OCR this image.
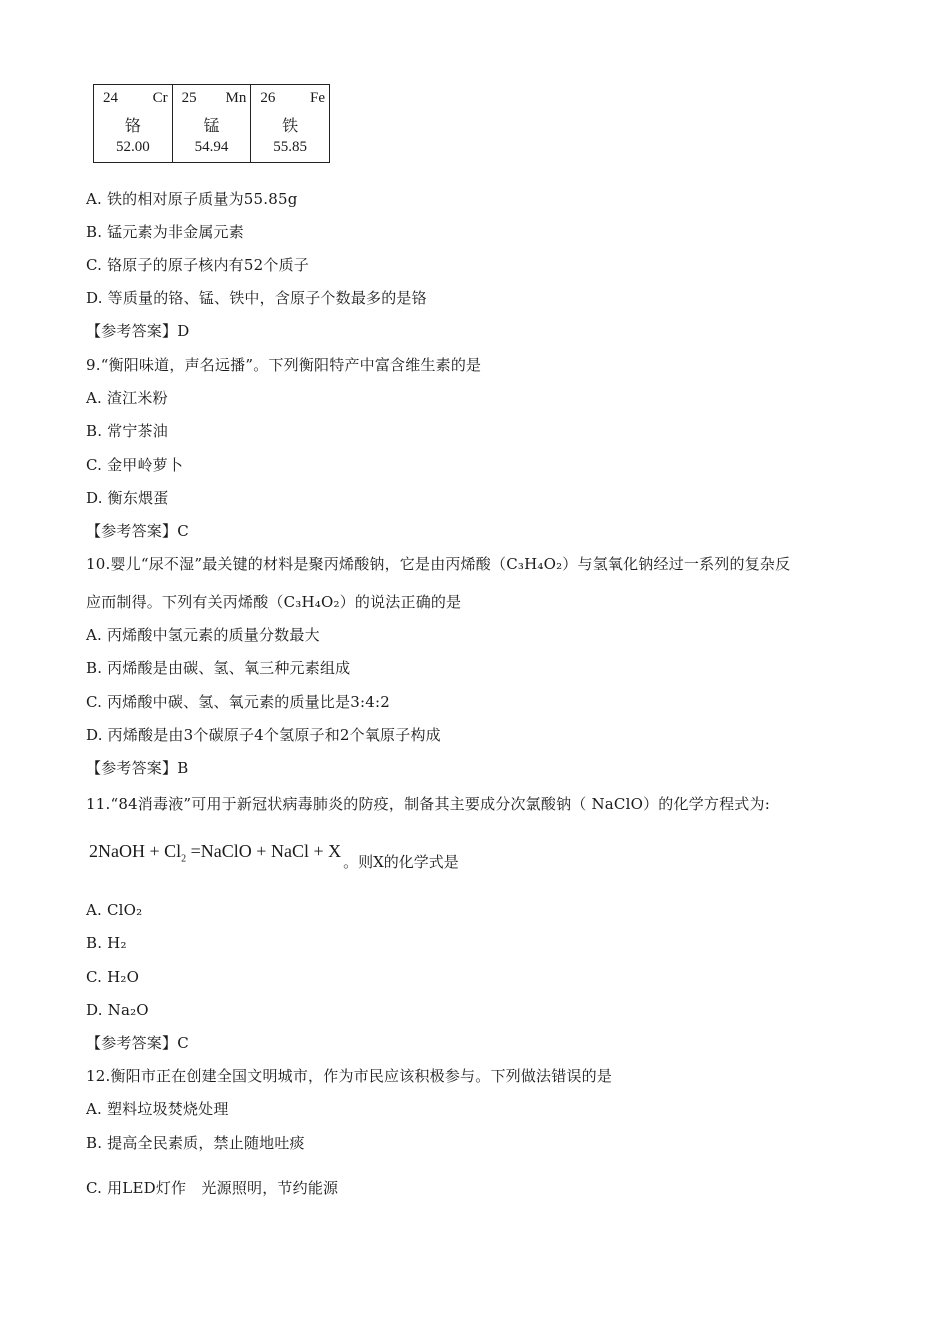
24 Cr
铬
52.00
25 Mn
锰
54.94
26 Fe
铁
55.85
A. 铁的相对原子质量为55.85g
B. 锰元素为非金属元素
C. 铬原子的原子核内有52个质子
D. 等质量的铬、锰、铁中，含原子个数最多的是铬
【参考答案】D
9.“衡阳味道，声名远播”。下列衡阳特产中富含维生素的是
A. 渣江米粉
B. 常宁茶油
C. 金甲岭萝卜
D. 衡东煨蛋
【参考答案】C
10.婴儿“尿不湿”最关键的材料是聚丙烯酸钠，它是由丙烯酸（C₃H₄O₂）与氢氧化钠经过一系列的复杂反
应而制得。下列有关丙烯酸（C₃H₄O₂）的说法正确的是
A. 丙烯酸中氢元素的质量分数最大
B. 丙烯酸是由碳、氢、氧三种元素组成
C. 丙烯酸中碳、氢、氧元素的质量比是3:4:2
D. 丙烯酸是由3个碳原子4个氢原子和2个氧原子构成
【参考答案】B
11.“84消毒液”可用于新冠状病毒肺炎的防疫，制备其主要成分次氯酸钠（ NaClO）的化学方程式为:
2NaOH + $Cl_2$ =NaClO + NaCl + $X_{。则X的化学式是}$
A. ClO₂
B. H₂
C. H₂O
D. Na₂O
【参考答案】C
12.衡阳市正在创建全国文明城市，作为市民应该积极参与。下列做法错误的是
A. 塑料垃圾焚烧处理
B. 提高全民素质，禁止随地吐痰
C. 用LED灯作　光源照明，节约能源
